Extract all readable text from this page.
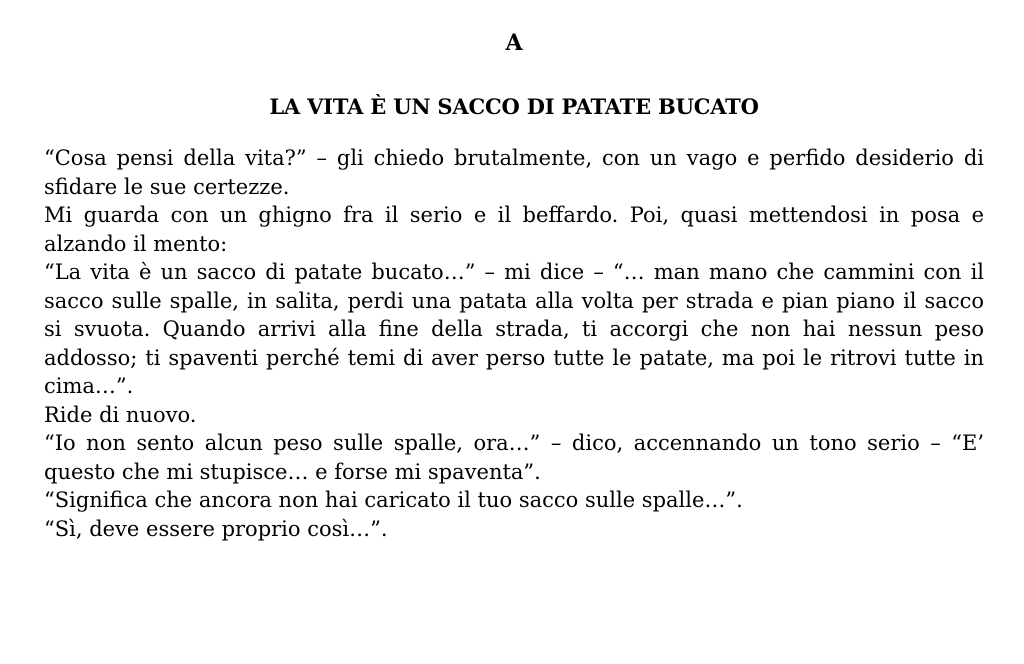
A
LA VITA È UN SACCO DI PATATE BUCATO

“Cosa pensi della vita?” – gli chiedo brutalmente, con un vago e perfido desiderio di sfidare le sue certezze.

Mi guarda con un ghigno fra il serio e il beffardo. Poi, quasi mettendosi in posa e alzando il mento:

“La vita è un sacco di patate bucato…” – mi dice – “… man mano che cammini con il sacco sulle spalle, in salita, perdi una patata alla volta per strada e pian piano il sacco si svuota. Quando arrivi alla fine della strada, ti accorgi che non hai nessun peso addosso; ti spaventi perché temi di aver perso tutte le patate, ma poi le ritrovi tutte in cima…”.

Ride di nuovo.

“Io non sento alcun peso sulle spalle, ora…” – dico, accennando un tono serio – “E’ questo che mi stupisce… e forse mi spaventa”.

“Significa che ancora non hai caricato il tuo sacco sulle spalle…”.

“Sì, deve essere proprio così…”.
